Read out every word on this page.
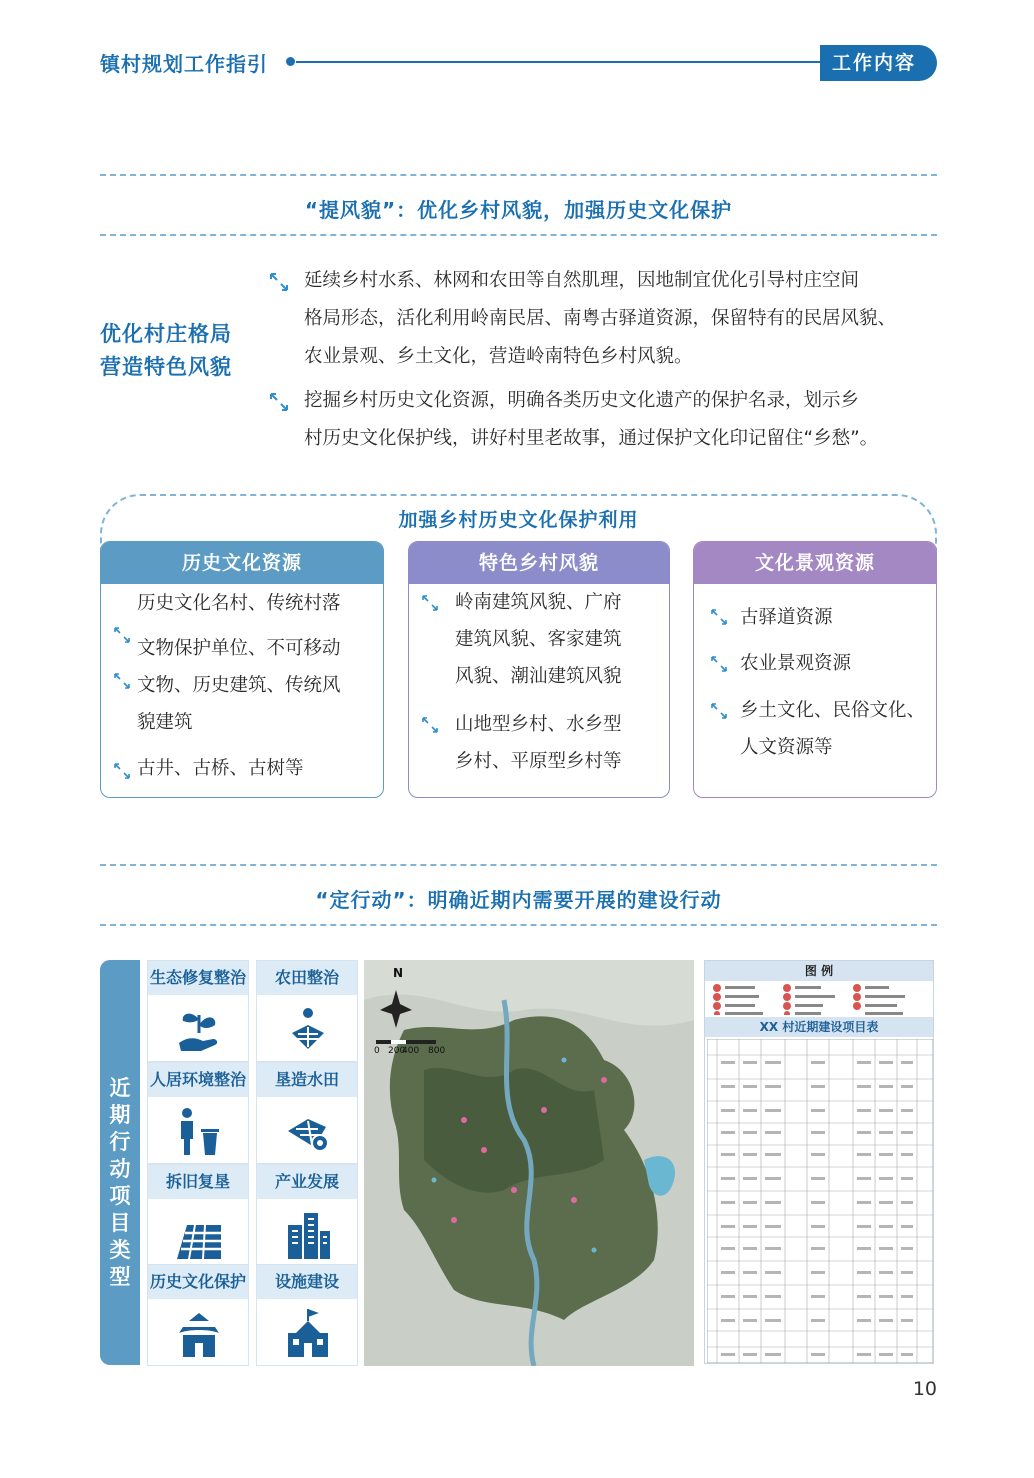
镇村规划工作指引	工作内容
“提风貌”：优化乡村风貌，加强历史文化保护
优化村庄格局
营造特色风貌
延续乡村水系、林网和农田等自然肌理，因地制宜优化引导村庄空间
格局形态，活化利用岭南民居、南粤古驿道资源，保留特有的民居风貌、
农业景观、乡土文化，营造岭南特色乡村风貌。
挖掘乡村历史文化资源，明确各类历史文化遗产的保护名录，划示乡
村历史文化保护线，讲好村里老故事，通过保护文化印记留住“乡愁”。
加强乡村历史文化保护利用
历史文化资源
历史文化名村、传统村落
文物保护单位、不可移动
文物、历史建筑、传统风
貌建筑
古井、古桥、古树等
特色乡村风貌
岭南建筑风貌、广府
建筑风貌、客家建筑
风貌、潮汕建筑风貌
山地型乡村、水乡型
乡村、平原型乡村等
文化景观资源
古驿道资源
农业景观资源
乡土文化、民俗文化、
人文资源等
“定行动”：明确近期内需要开展的建设行动
近
期
行
动
项
目
类
型
生态修复整治	农田整治
人居环境整治	垦造水田
拆旧复垦	产业发展
历史文化保护	设施建设
N
0 200
400 800
图 例
XX 村近期建设项目表
10
